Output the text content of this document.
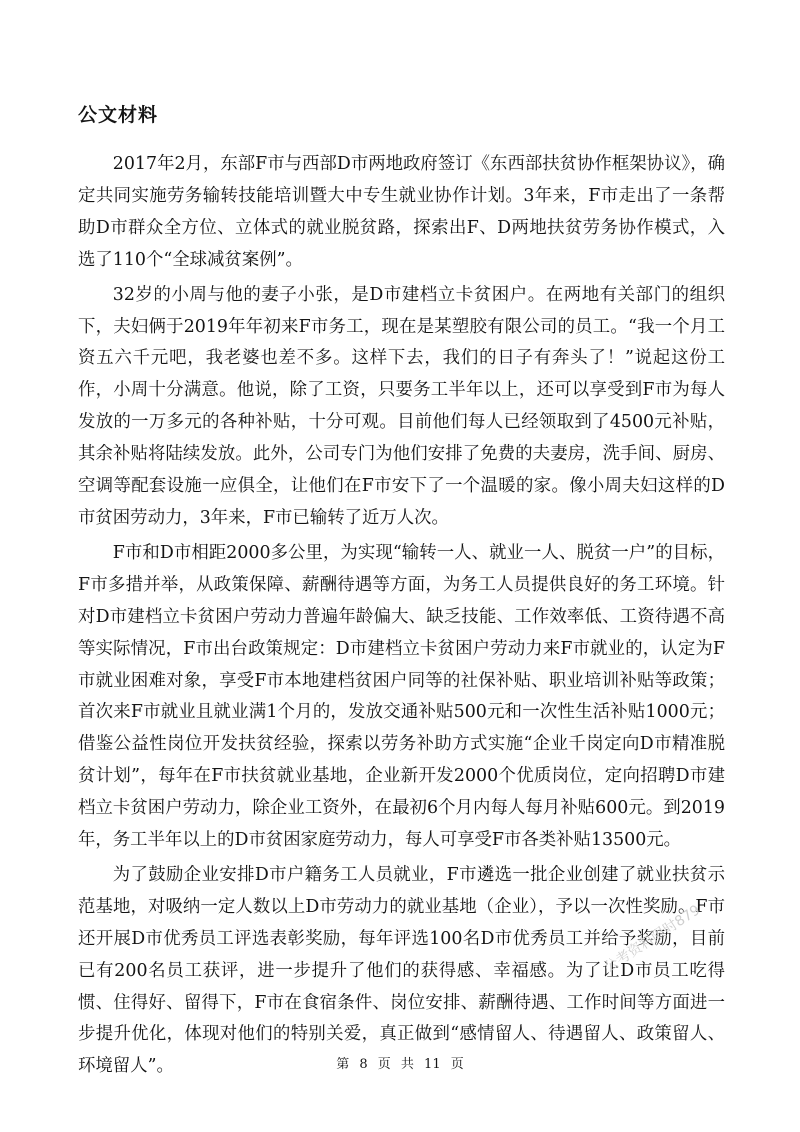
公文材料

2017年2月，东部F市与西部D市两地政府签订《东西部扶贫协作框架协议》，确定共同实施劳务输转技能培训暨大中专生就业协作计划。3年来，F市走出了一条帮助D市群众全方位、立体式的就业脱贫路，探索出F、D两地扶贫劳务协作模式，入选了110个“全球减贫案例”。

32岁的小周与他的妻子小张，是D市建档立卡贫困户。在两地有关部门的组织下，夫妇俩于2019年年初来F市务工，现在是某塑胶有限公司的员工。“我一个月工资五六千元吧，我老婆也差不多。这样下去，我们的日子有奔头了！”说起这份工作，小周十分满意。他说，除了工资，只要务工半年以上，还可以享受到F市为每人发放的一万多元的各种补贴，十分可观。目前他们每人已经领取到了4500元补贴，其余补贴将陆续发放。此外，公司专门为他们安排了免费的夫妻房，洗手间、厨房、空调等配套设施一应俱全，让他们在F市安下了一个温暖的家。像小周夫妇这样的D市贫困劳动力，3年来，F市已输转了近万人次。

F市和D市相距2000多公里，为实现“输转一人、就业一人、脱贫一户”的目标，F市多措并举，从政策保障、薪酬待遇等方面，为务工人员提供良好的务工环境。针对D市建档立卡贫困户劳动力普遍年龄偏大、缺乏技能、工作效率低、工资待遇不高等实际情况，F市出台政策规定：D市建档立卡贫困户劳动力来F市就业的，认定为F市就业困难对象，享受F市本地建档贫困户同等的社保补贴、职业培训补贴等政策；首次来F市就业且就业满1个月的，发放交通补贴500元和一次性生活补贴1000元；借鉴公益性岗位开发扶贫经验，探索以劳务补助方式实施“企业千岗定向D市精准脱贫计划”，每年在F市扶贫就业基地，企业新开发2000个优质岗位，定向招聘D市建档立卡贫困户劳动力，除企业工资外，在最初6个月内每人每月补贴600元。到2019年，务工半年以上的D市贫困家庭劳动力，每人可享受F市各类补贴13500元。

为了鼓励企业安排D市户籍务工人员就业，F市遴选一批企业创建了就业扶贫示范基地，对吸纳一定人数以上D市劳动力的就业基地（企业），予以一次性奖励。F市还开展D市优秀员工评选表彰奖励，每年评选100名D市优秀员工并给予奖励，目前已有200名员工获评，进一步提升了他们的获得感、幸福感。为了让D市员工吃得惯、住得好、留得下，F市在食宿条件、岗位安排、薪酬待遇、工作时间等方面进一步提升优化，体现对他们的特别关爱，真正做到“感情留人、待遇留人、政策留人、环境留人”。

公考资料限时879
第 8 页 共 11 页
